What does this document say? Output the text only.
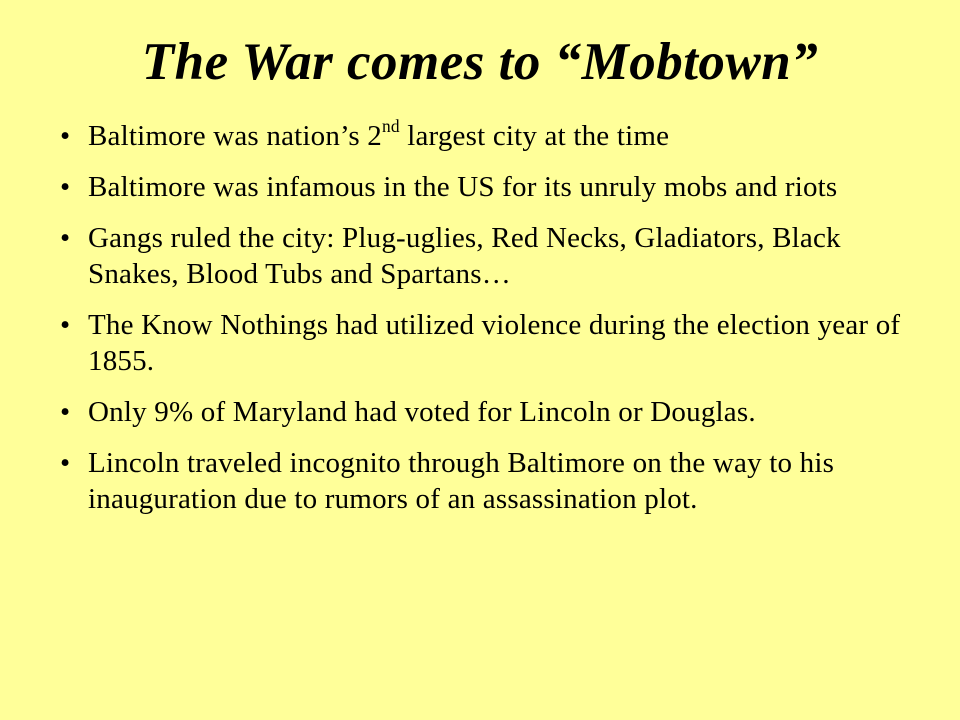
The War comes to “Mobtown”
• Baltimore was nation’s 2nd largest city at the time
• Baltimore was infamous in the US for its unruly mobs and riots
• Gangs ruled the city: Plug-uglies, Red Necks, Gladiators, Black Snakes, Blood Tubs and Spartans…
• The Know Nothings had utilized violence during the election year of 1855.
• Only 9% of Maryland had voted for Lincoln or Douglas.
• Lincoln traveled incognito through Baltimore on the way to his inauguration due to rumors of an assassination plot.
